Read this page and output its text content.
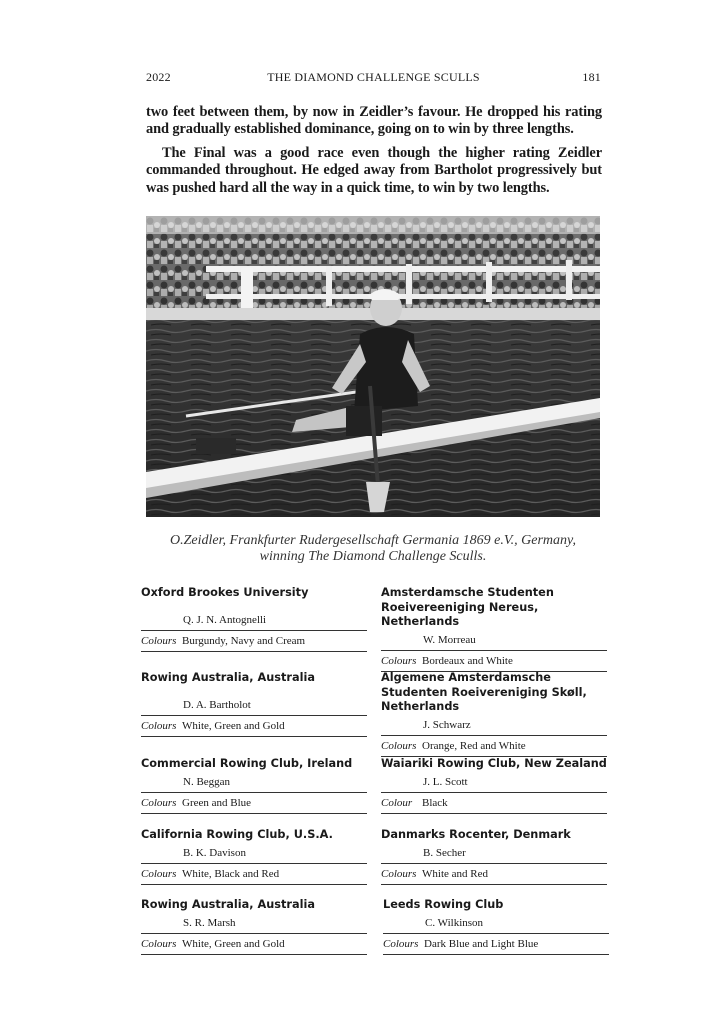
2022	THE DIAMOND CHALLENGE SCULLS	181

two feet between them, by now in Zeidler’s favour. He dropped his rating and gradually established dominance, going on to win by three lengths.

The Final was a good race even though the higher rating Zeidler commanded throughout. He edged away from Bartholot progressively but was pushed hard all the way in a quick time, to win by two lengths.

O.Zeidler, Frankfurter Rudergesellschaft Germania 1869 e.V., Germany,
winning The Diamond Challenge Sculls.
Oxford Brookes University
Q. J. N. Antognelli
Colours Burgundy, Navy and Cream
Rowing Australia, Australia
D. A. Bartholot
Colours White, Green and Gold
Commercial Rowing Club, Ireland
N. Beggan
Colours Green and Blue
California Rowing Club, U.S.A.
B. K. Davison
Colours White, Black and Red
Rowing Australia, Australia
S. R. Marsh
Colours White, Green and Gold
Amsterdamsche Studenten Roeivereeniging Nereus, Netherlands
W. Morreau
Colours Bordeaux and White
Algemene Amsterdamsche Studenten Roeivereniging Skøll, Netherlands
J. Schwarz
Colours Orange, Red and White
Waiariki Rowing Club, New Zealand
J. L. Scott
Colour Black
Danmarks Rocenter, Denmark
B. Secher
Colours White and Red
Leeds Rowing Club
C. Wilkinson
Colours Dark Blue and Light Blue
